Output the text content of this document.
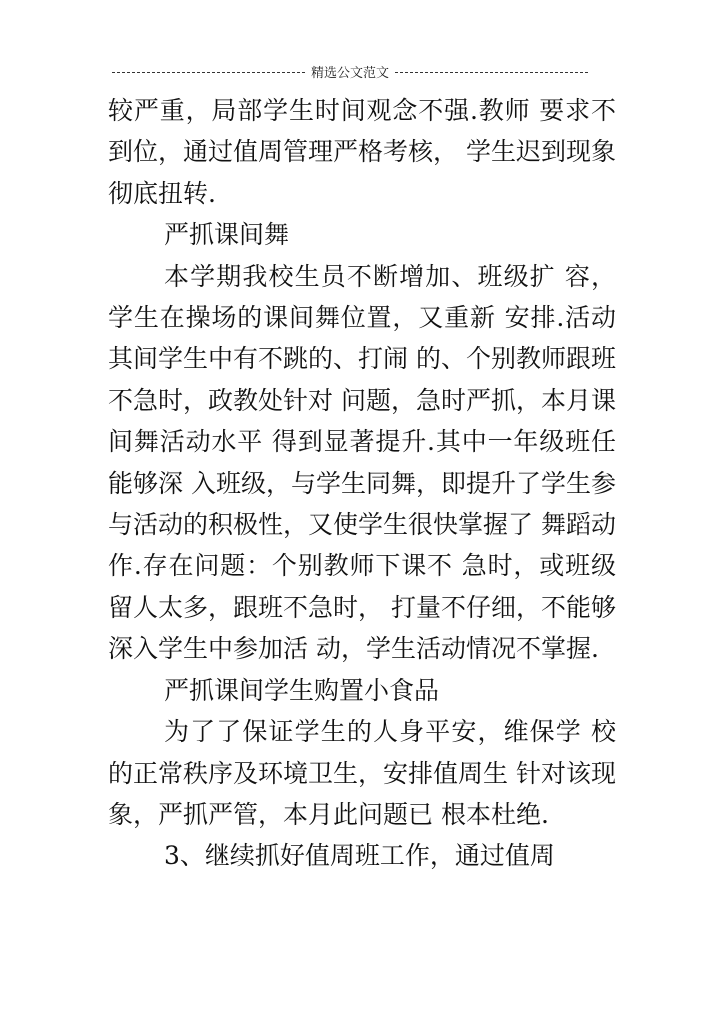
精选公文范文

较严重，局部学生时间观念不强.教师 要求不到位，通过值周管理严格考核， 学生迟到现象彻底扭转.

严抓课间舞

本学期我校生员不断增加、班级扩 容，学生在操场的课间舞位置，又重新 安排.活动其间学生中有不跳的、打闹 的、个别教师跟班不急时，政教处针对 问题，急时严抓，本月课间舞活动水平 得到显著提升.其中一年级班任能够深 入班级，与学生同舞，即提升了学生参 与活动的积极性，又使学生很快掌握了 舞蹈动作.存在问题：个别教师下课不 急时，或班级留人太多，跟班不急时， 打量不仔细，不能够深入学生中参加活 动，学生活动情况不掌握.

严抓课间学生购置小食品

为了了保证学生的人身平安，维保学 校的正常秩序及环境卫生，安排值周生 针对该现象，严抓严管，本月此问题已 根本杜绝.

3、继续抓好值周班工作，通过值周
